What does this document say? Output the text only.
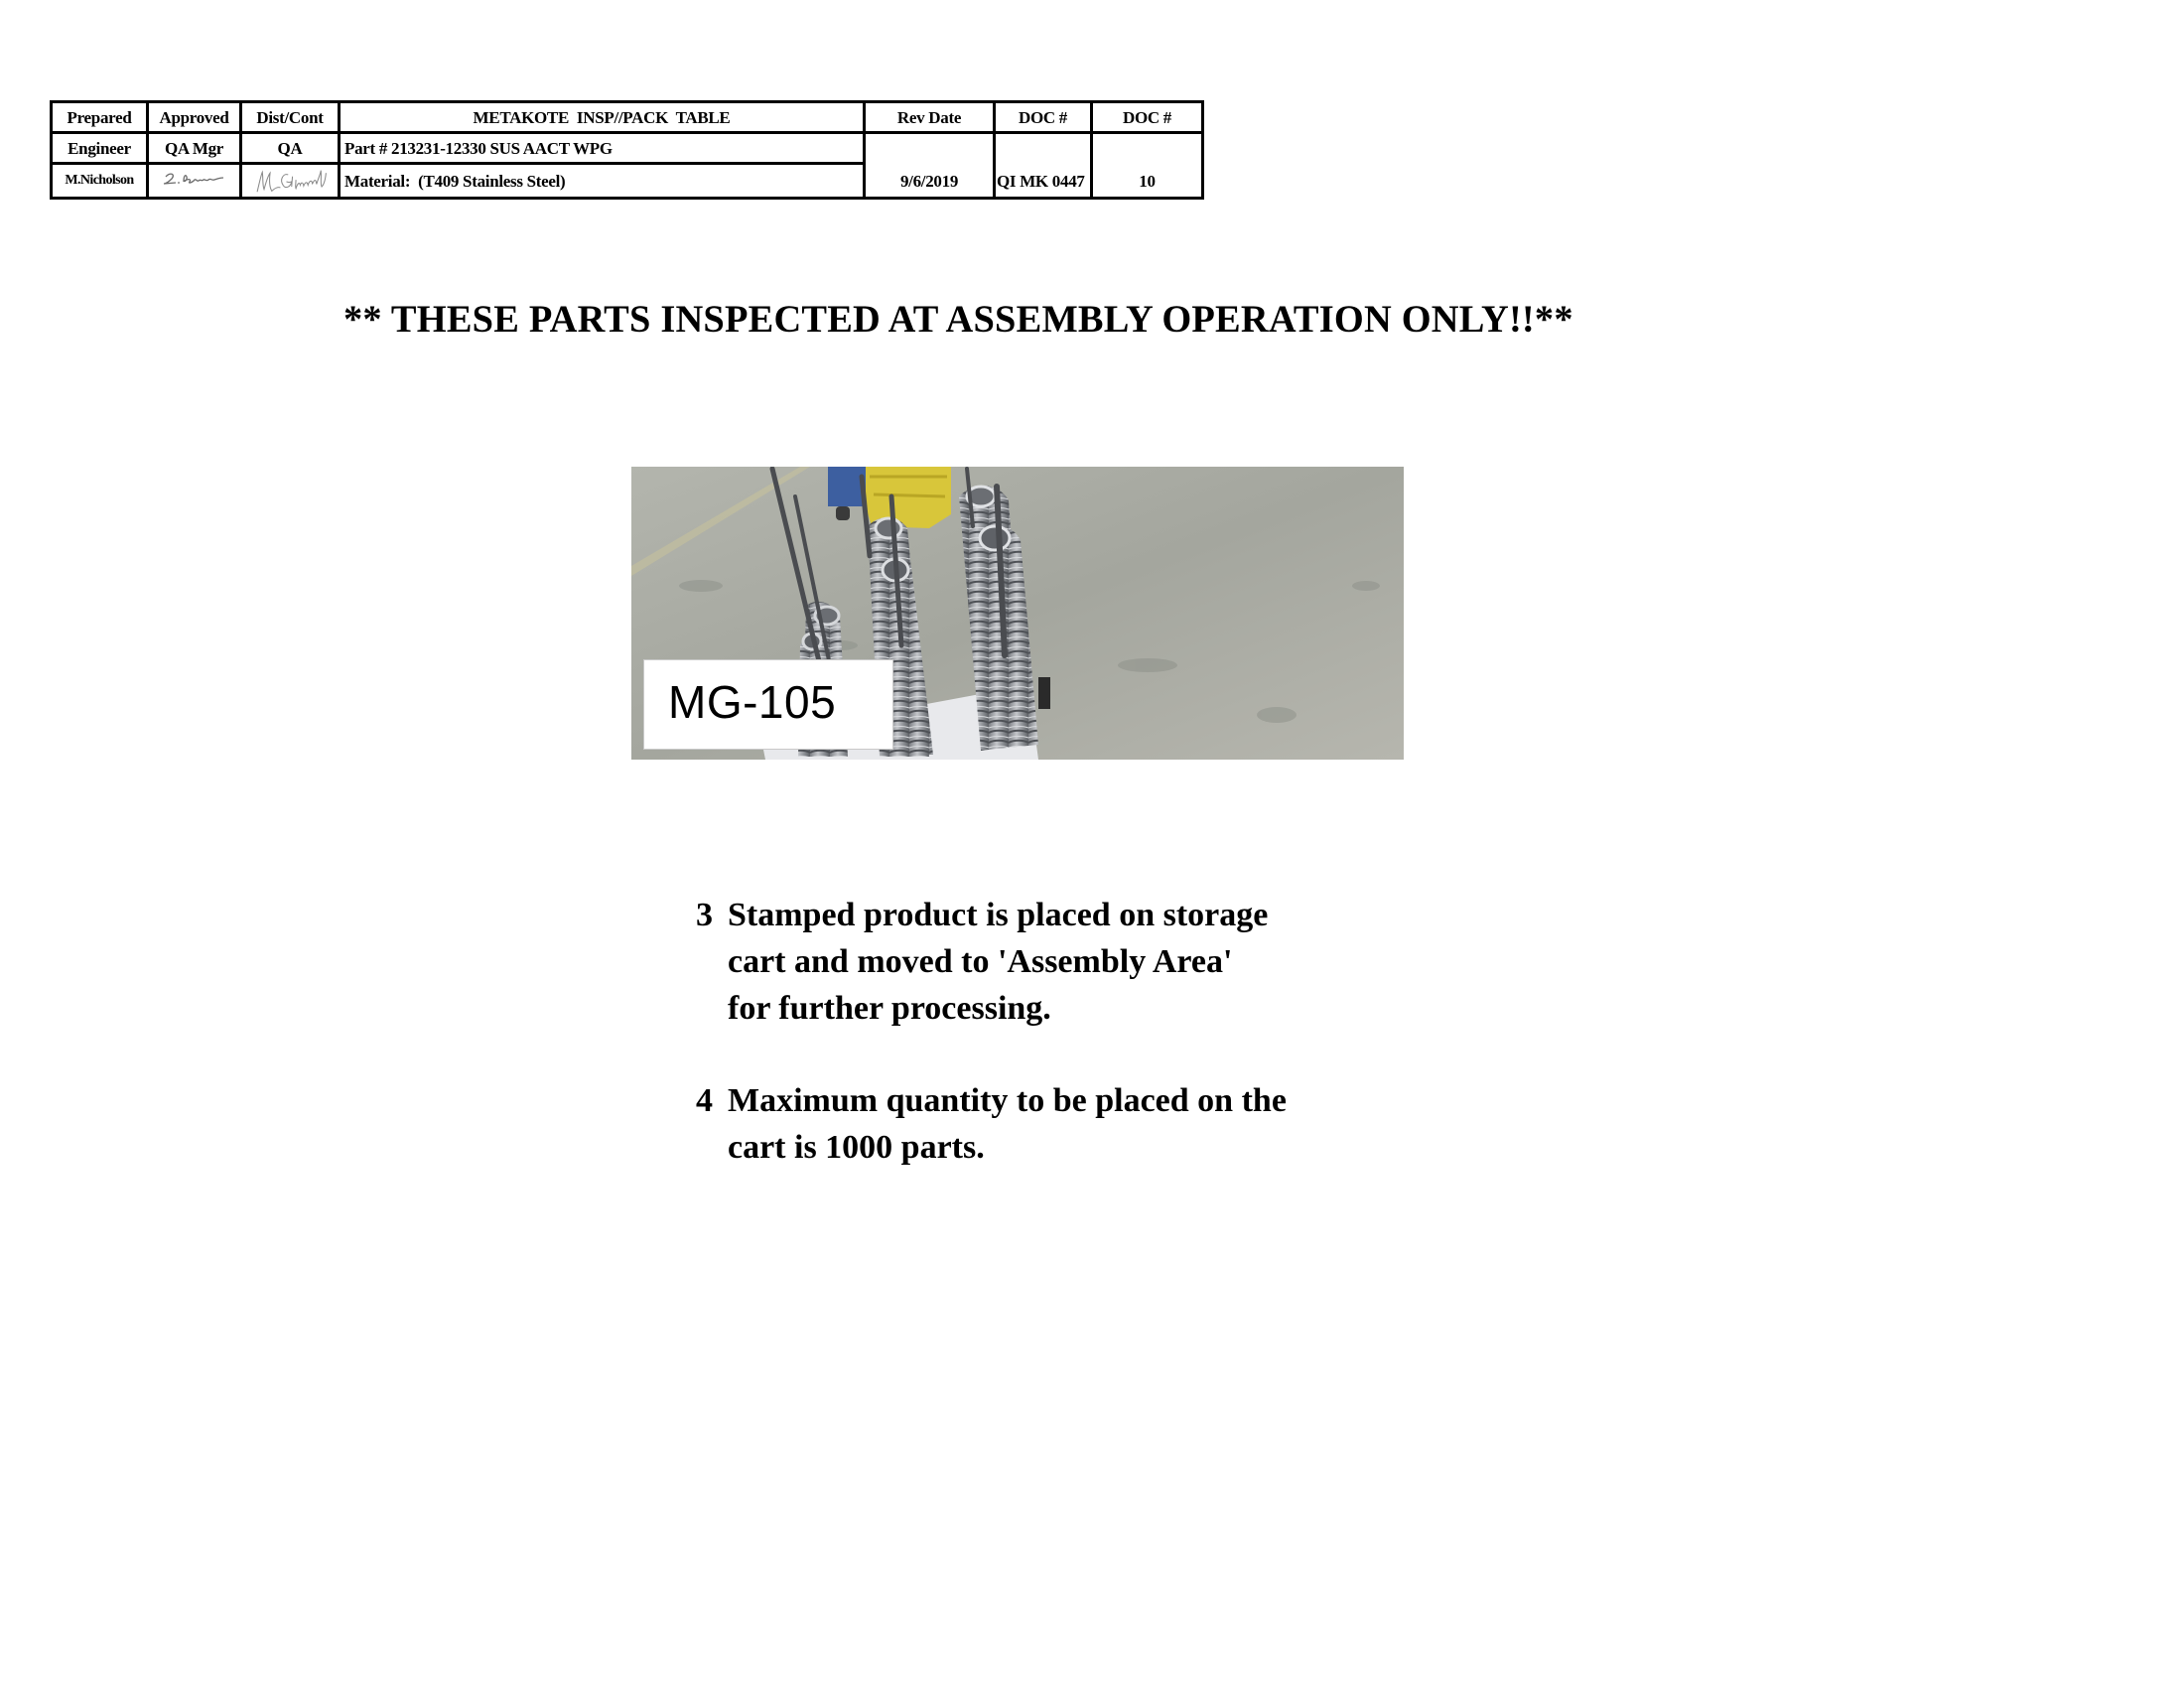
Prepared	Approved	Dist/Cont	METAKOTE  INSP//PACK  TABLE	Rev Date	DOC #	DOC #
Engineer	QA Mgr	QA	Part # 213231-12330 SUS AACT WPG	9/6/2019	QI MK 0447	10
M.Nicholson			Material:  (T409 Stainless Steel)			
** THESE PARTS INSPECTED AT ASSEMBLY OPERATION ONLY!!**
MG-105
3 Stamped product is placed on storage
cart and moved to 'Assembly Area'
for further processing.
4 Maximum quantity to be placed on the
cart is 1000 parts.
